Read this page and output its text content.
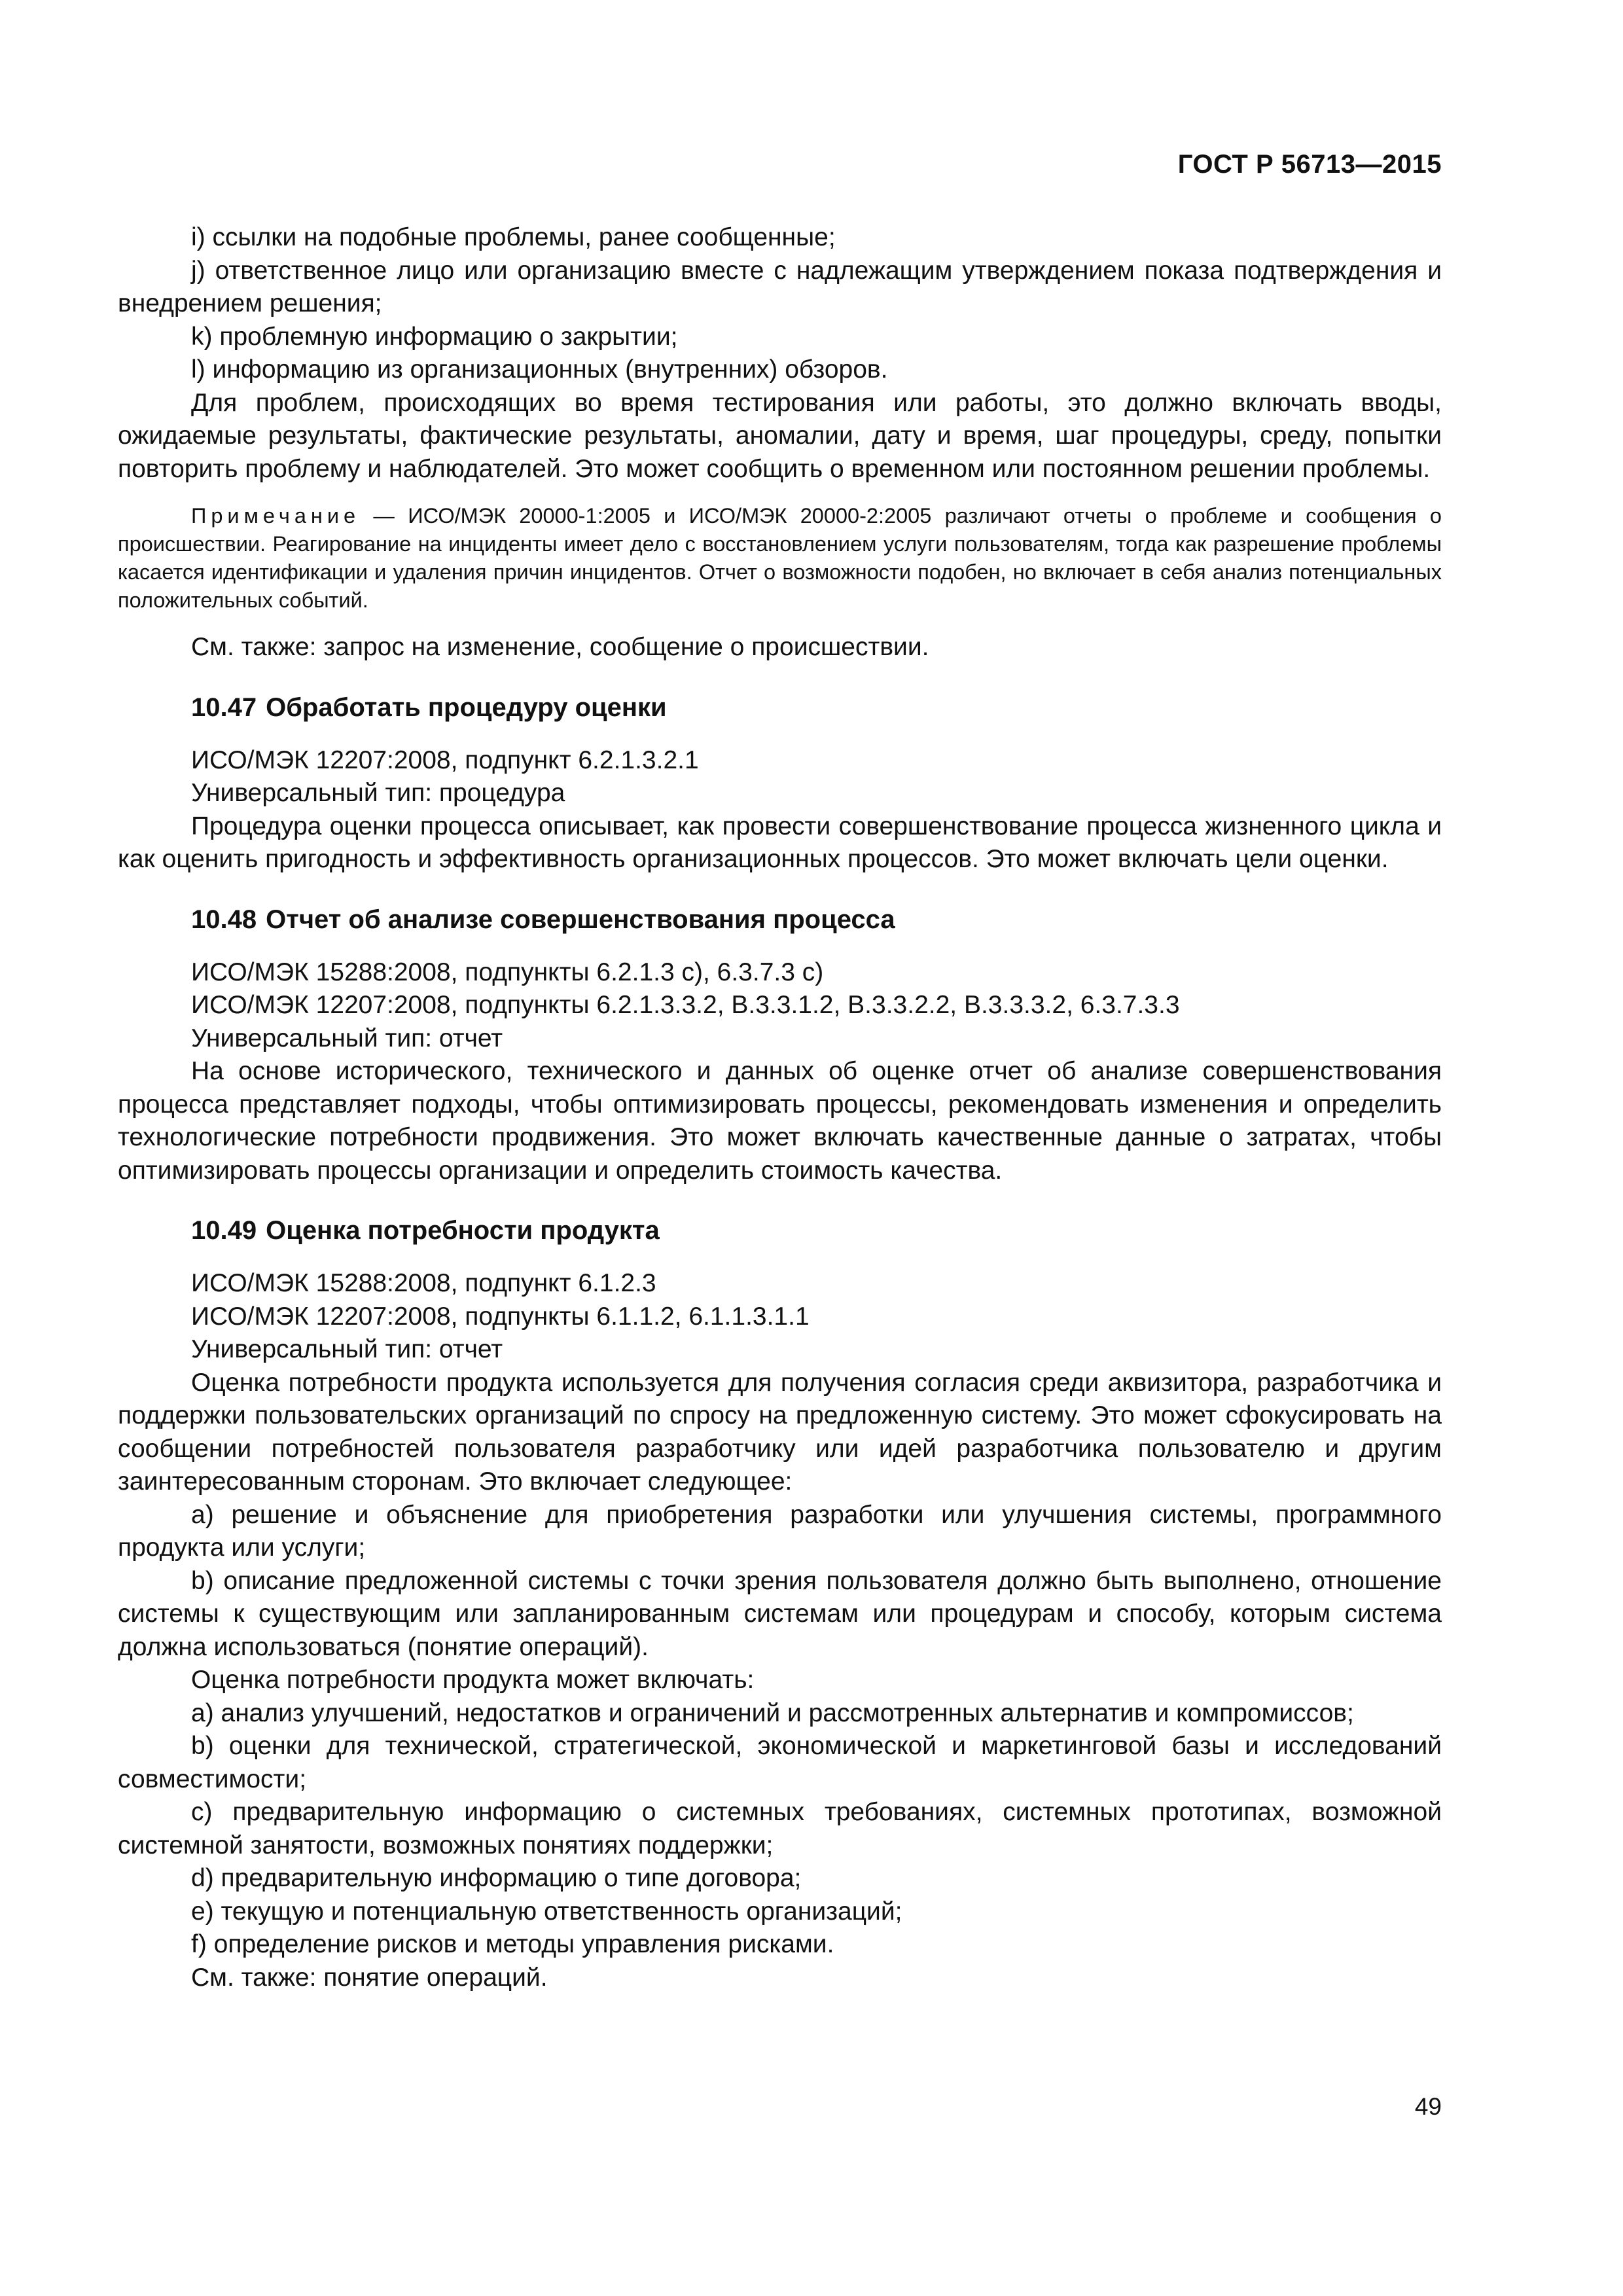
ГОСТ Р 56713—2015

i) ссылки на подобные проблемы, ранее сообщенные;

j) ответственное лицо или организацию вместе с надлежащим утверждением показа подтверждения и внедрением решения;

k) проблемную информацию о закрытии;

l) информацию из организационных (внутренних) обзоров.

Для проблем, происходящих во время тестирования или работы, это должно включать вводы, ожидаемые результаты, фактические результаты, аномалии, дату и время, шаг процедуры, среду, попытки повторить проблему и наблюдателей. Это может сообщить о временном или постоянном решении проблемы.

Примечание — ИСО/МЭК 20000-1:2005 и ИСО/МЭК 20000-2:2005 различают отчеты о проблеме и сообщения о происшествии. Реагирование на инциденты имеет дело с восстановлением услуги пользователям, тогда как разрешение проблемы касается идентификации и удаления причин инцидентов. Отчет о возможности подобен, но включает в себя анализ потенциальных положительных событий.

См. также: запрос на изменение, сообщение о происшествии.

10.47 Обработать процедуру оценки

ИСО/МЭК 12207:2008, подпункт 6.2.1.3.2.1

Универсальный тип: процедура

Процедура оценки процесса описывает, как провести совершенствование процесса жизненного цикла и как оценить пригодность и эффективность организационных процессов. Это может включать цели оценки.

10.48 Отчет об анализе совершенствования процесса

ИСО/МЭК 15288:2008, подпункты 6.2.1.3 с), 6.3.7.3 с)

ИСО/МЭК 12207:2008, подпункты 6.2.1.3.3.2, В.3.3.1.2, В.3.3.2.2, В.3.3.3.2, 6.3.7.3.3

Универсальный тип: отчет

На основе исторического, технического и данных об оценке отчет об анализе совершенствования процесса представляет подходы, чтобы оптимизировать процессы, рекомендовать изменения и определить технологические потребности продвижения. Это может включать качественные данные о затратах, чтобы оптимизировать процессы организации и определить стоимость качества.

10.49 Оценка потребности продукта

ИСО/МЭК 15288:2008, подпункт 6.1.2.3

ИСО/МЭК 12207:2008, подпункты 6.1.1.2, 6.1.1.3.1.1

Универсальный тип: отчет

Оценка потребности продукта используется для получения согласия среди аквизитора, разработчика и поддержки пользовательских организаций по спросу на предложенную систему. Это может сфокусировать на сообщении потребностей пользователя разработчику или идей разработчика пользователю и другим заинтересованным сторонам. Это включает следующее:

а) решение и объяснение для приобретения разработки или улучшения системы, программного продукта или услуги;

b) описание предложенной системы с точки зрения пользователя должно быть выполнено, отношение системы к существующим или запланированным системам или процедурам и способу, которым система должна использоваться (понятие операций).

Оценка потребности продукта может включать:

а) анализ улучшений, недостатков и ограничений и рассмотренных альтернатив и компромиссов;

b) оценки для технической, стратегической, экономической и маркетинговой базы и исследований совместимости;

с) предварительную информацию о системных требованиях, системных прототипах, возможной системной занятости, возможных понятиях поддержки;

d) предварительную информацию о типе договора;

е) текущую и потенциальную ответственность организаций;

f) определение рисков и методы управления рисками.

См. также: понятие операций.

49
